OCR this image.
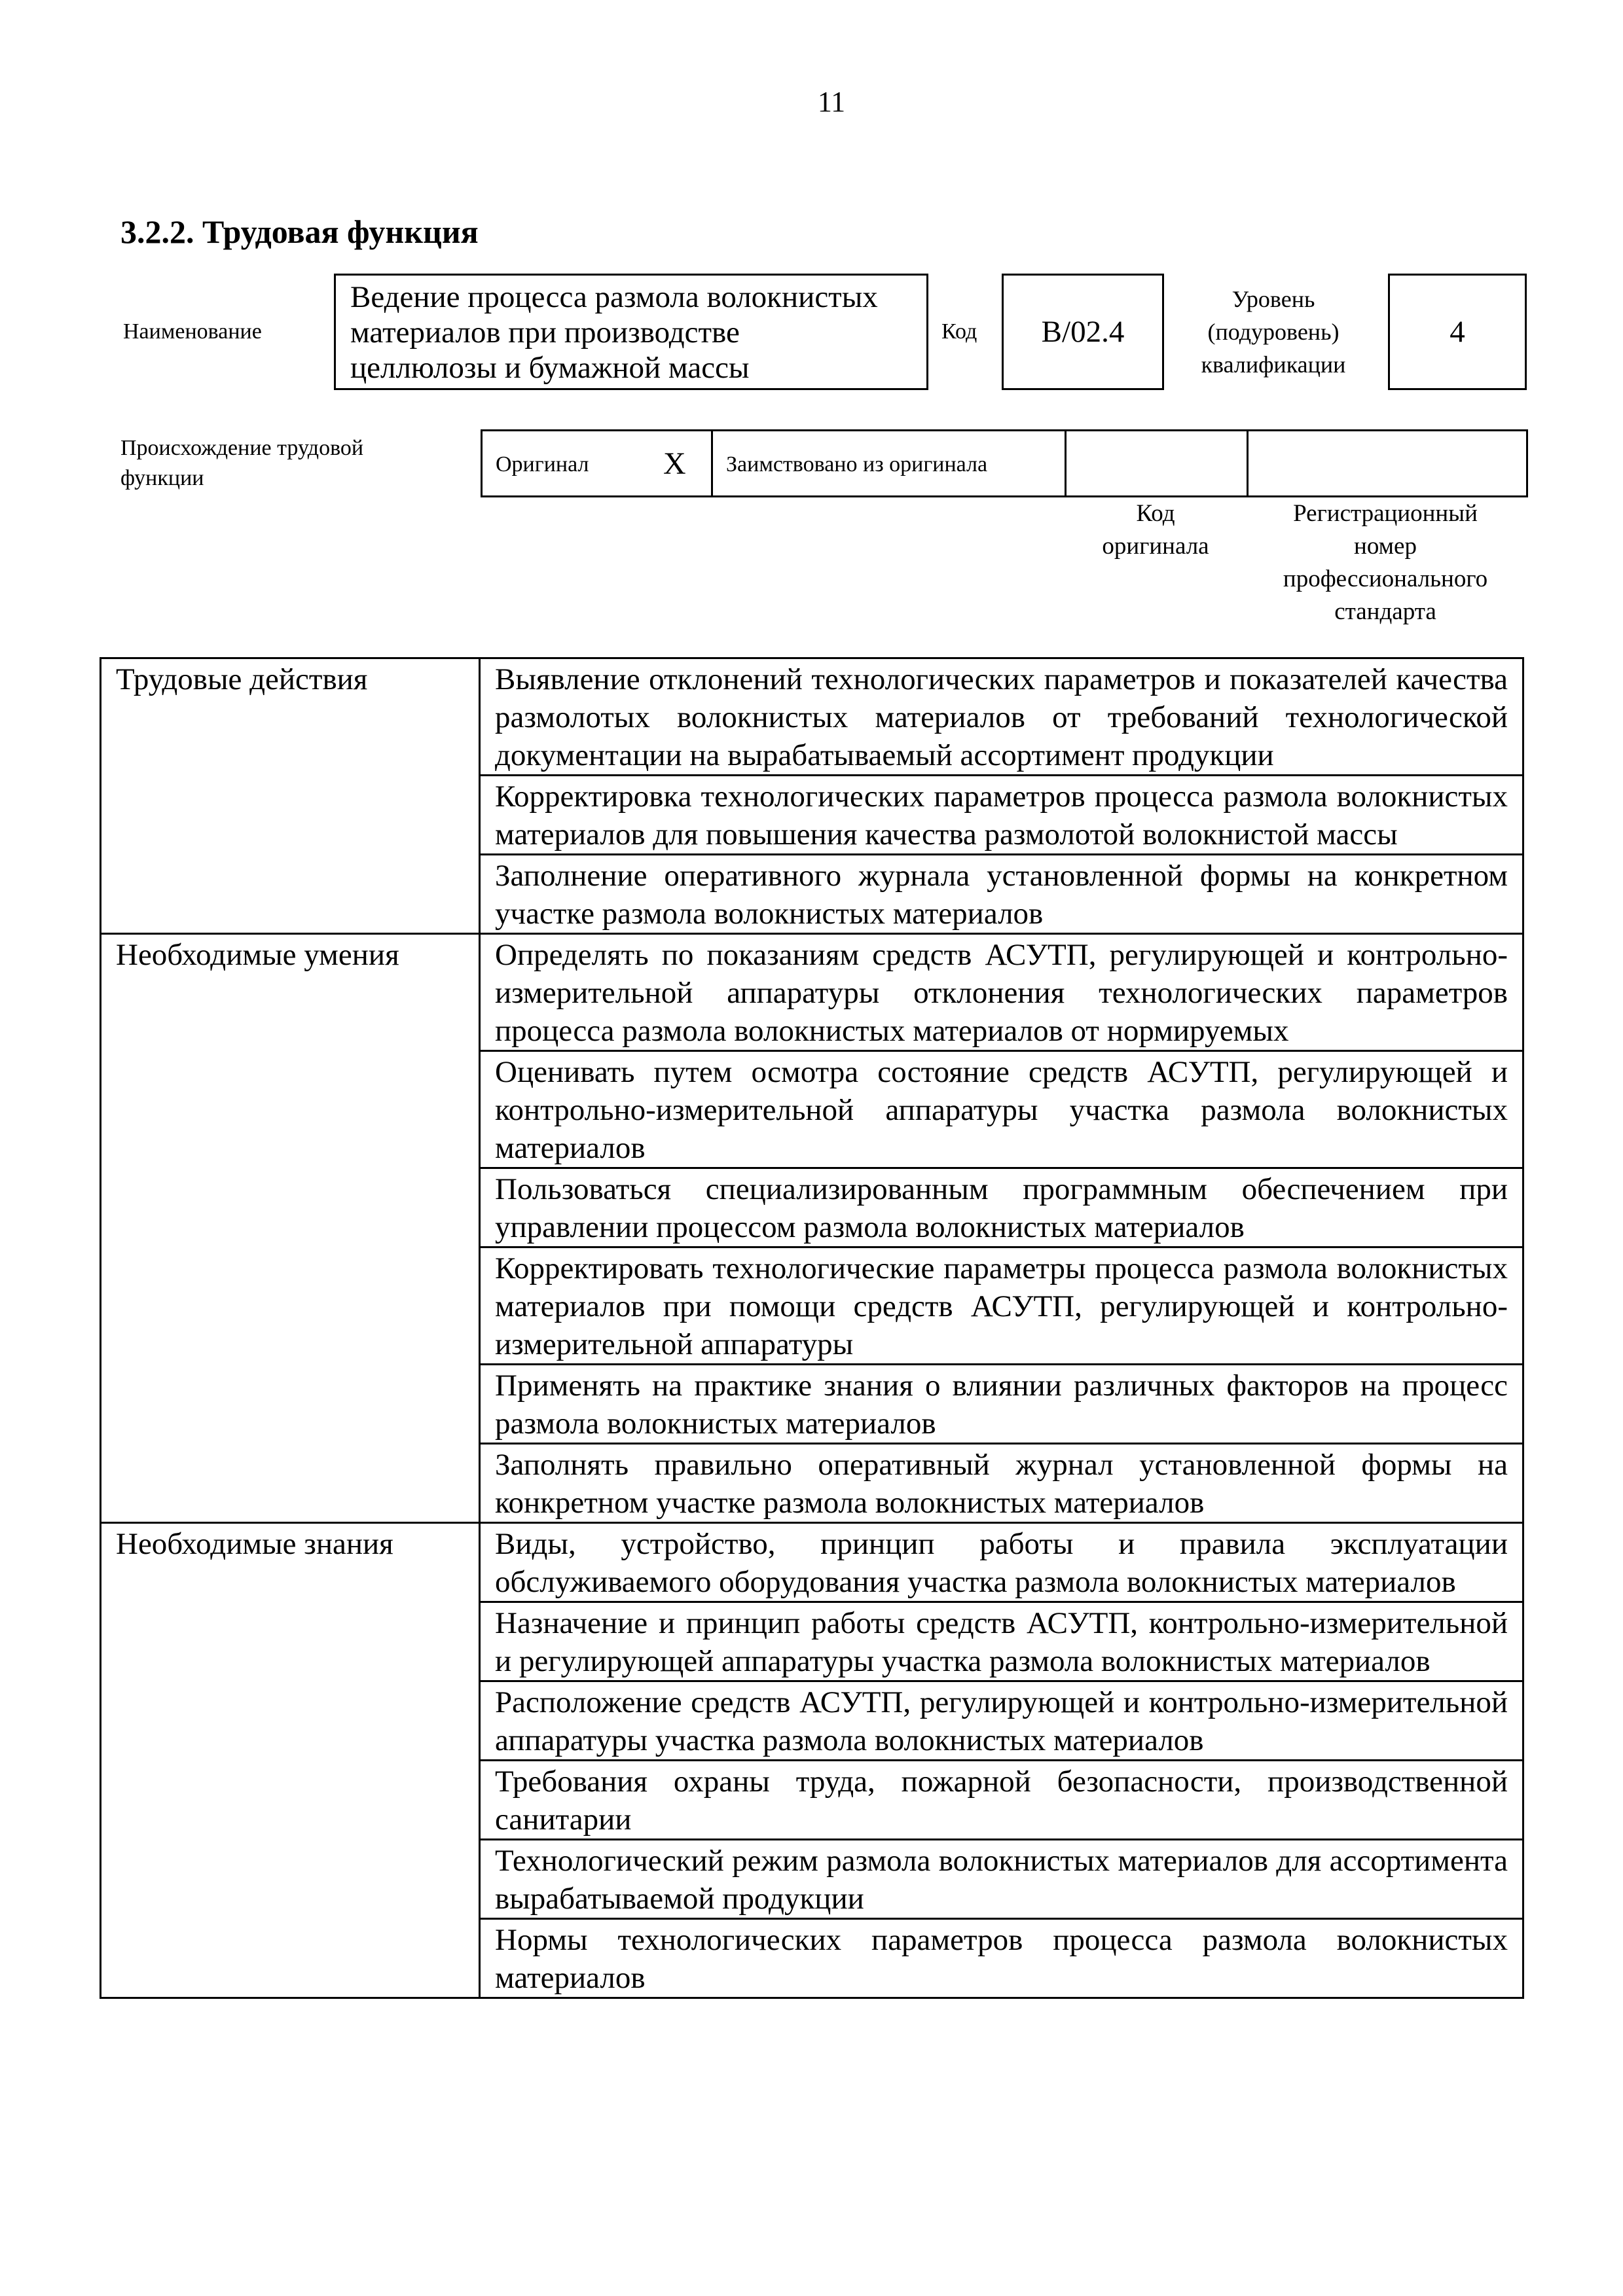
11
3.2.2. Трудовая функция
Наименование
Ведение процесса размола волокнистых
материалов при производстве
целлюлозы и бумажной массы
Код B/02.4
Уровень
(подуровень)
квалификации
4
Происхождение трудовой
функции
Оригинал X Заимствовано из оригинала
Код
оригинала
Регистрационный
номер
профессионального
стандарта
Трудовые действия	Выявление отклонений технологических параметров и показателей качества размолотых волокнистых материалов от требований технологической документации на вырабатываемый ассортимент продукции
	Корректировка технологических параметров процесса размола волокнистых материалов для повышения качества размолотой волокнистой массы
	Заполнение оперативного журнала установленной формы на конкретном участке размола волокнистых материалов
Необходимые умения	Определять по показаниям средств АСУТП, регулирующей и контрольно-измерительной аппаратуры отклонения технологических параметров процесса размола волокнистых материалов от нормируемых
	Оценивать путем осмотра состояние средств АСУТП, регулирующей и контрольно-измерительной аппаратуры участка размола волокнистых материалов
	Пользоваться специализированным программным обеспечением при управлении процессом размола волокнистых материалов
	Корректировать технологические параметры процесса размола волокнистых материалов при помощи средств АСУТП, регулирующей и контрольно-измерительной аппаратуры
	Применять на практике знания о влиянии различных факторов на процесс размола волокнистых материалов
	Заполнять правильно оперативный журнал установленной формы на конкретном участке размола волокнистых материалов
Необходимые знания	Виды, устройство, принцип работы и правила эксплуатации обслуживаемого оборудования участка размола волокнистых материалов
	Назначение и принцип работы средств АСУТП, контрольно-измерительной и регулирующей аппаратуры участка размола волокнистых материалов
	Расположение средств АСУТП, регулирующей и контрольно-измерительной аппаратуры участка размола волокнистых материалов
	Требования охраны труда, пожарной безопасности, производственной санитарии
	Технологический режим размола волокнистых материалов для ассортимента вырабатываемой продукции
	Нормы технологических параметров процесса размола волокнистых материалов
